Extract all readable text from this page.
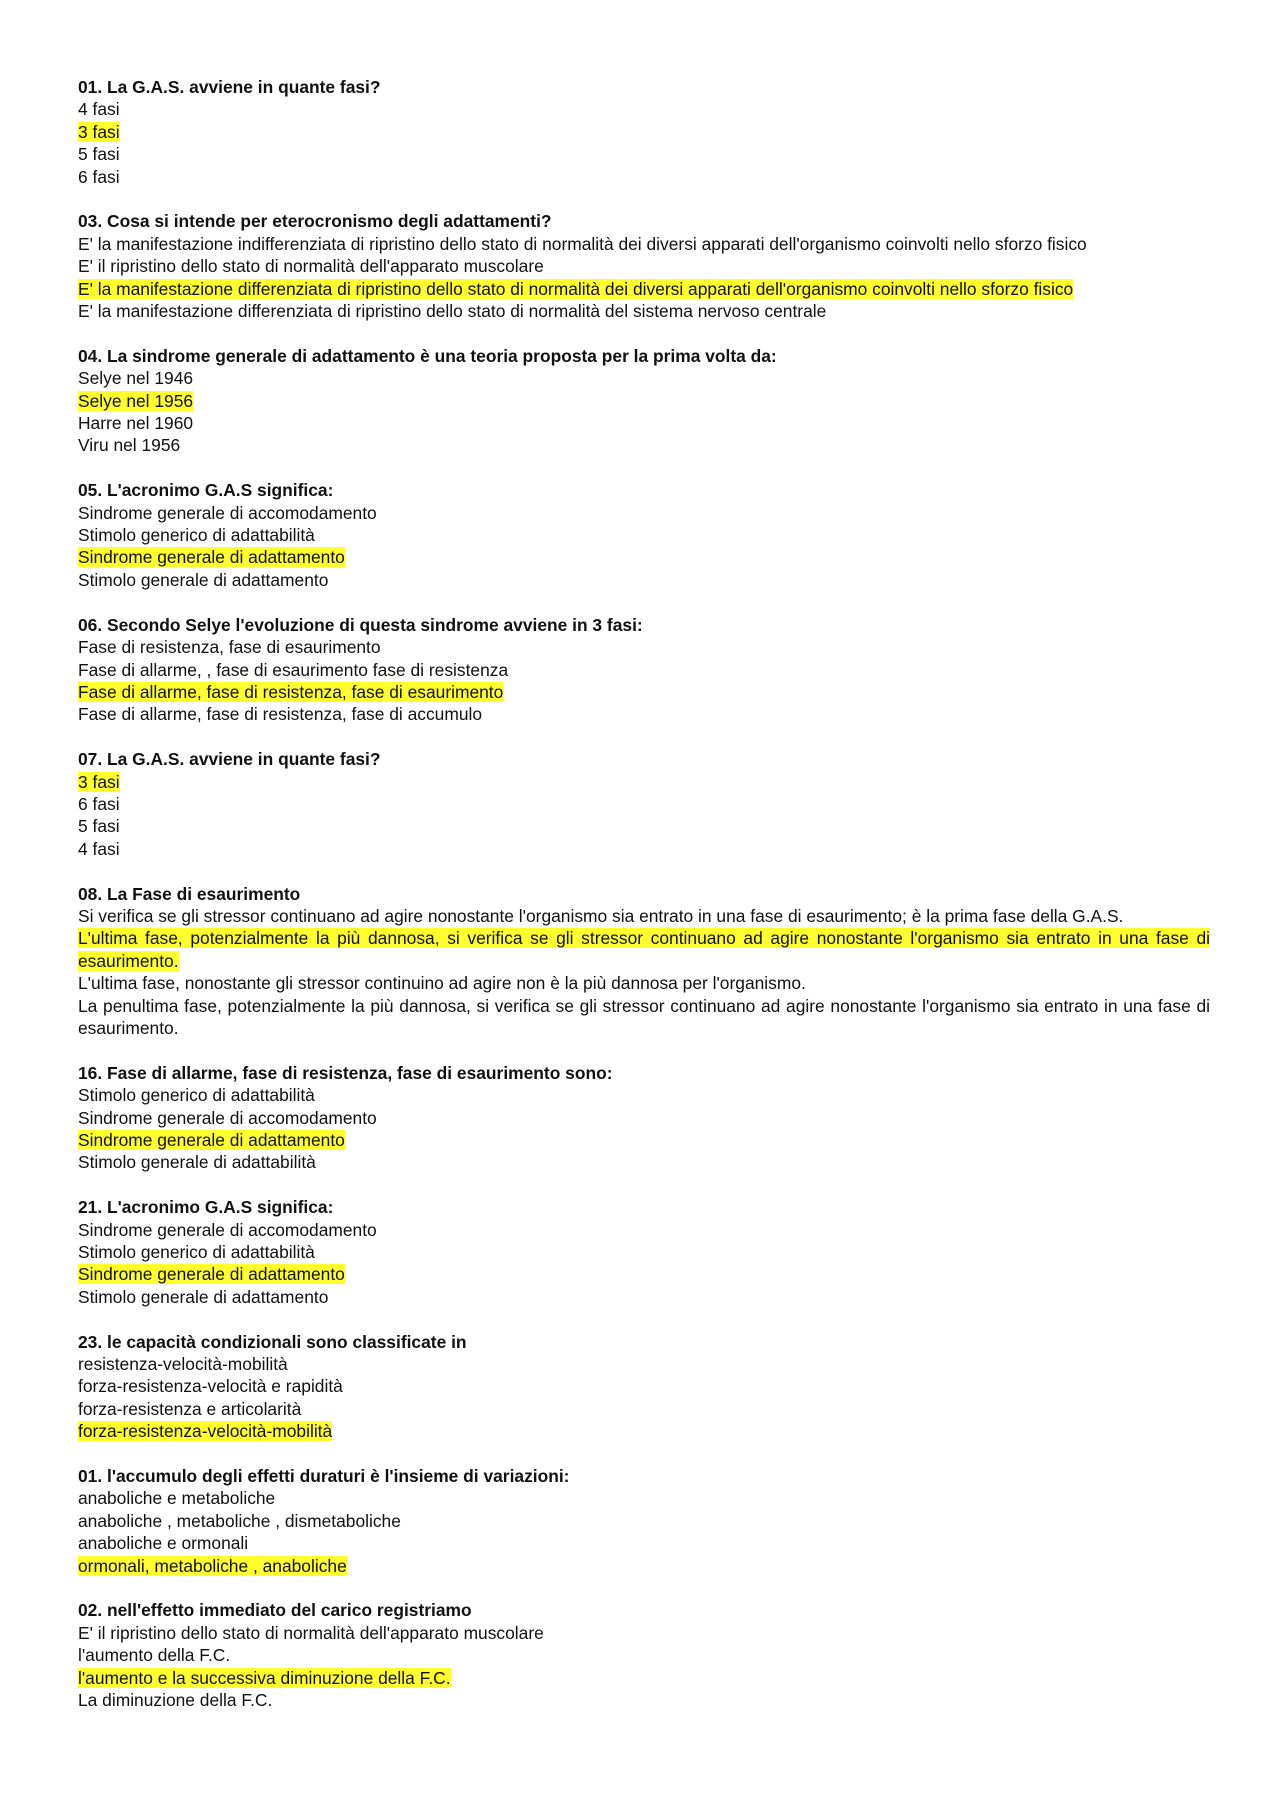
01. La G.A.S. avviene in quante fasi?
4 fasi
3 fasi
5 fasi
6 fasi
03. Cosa si intende per eterocronismo degli adattamenti?
E' la manifestazione indifferenziata di ripristino dello stato di normalità dei diversi apparati dell'organismo coinvolti nello sforzo fisico
E' il ripristino dello stato di normalità dell'apparato muscolare
E' la manifestazione differenziata di ripristino dello stato di normalità dei diversi apparati dell'organismo coinvolti nello sforzo fisico
E' la manifestazione differenziata di ripristino dello stato di normalità del sistema nervoso centrale
04. La sindrome generale di adattamento è una teoria proposta per la prima volta da:
Selye nel 1946
Selye nel 1956
Harre nel 1960
Viru nel 1956
05. L'acronimo G.A.S significa:
Sindrome generale di accomodamento
Stimolo generico di adattabilità
Sindrome generale di adattamento
Stimolo generale di adattamento
06. Secondo Selye l'evoluzione di questa sindrome avviene in 3 fasi:
Fase di resistenza, fase di esaurimento
Fase di allarme, , fase di esaurimento fase di resistenza
Fase di allarme, fase di resistenza, fase di esaurimento
Fase di allarme, fase di resistenza, fase di accumulo
07. La G.A.S. avviene in quante fasi?
3 fasi
6 fasi
5 fasi
4 fasi
08. La Fase di esaurimento
Si verifica se gli stressor continuano ad agire nonostante l'organismo sia entrato in una fase di esaurimento; è la prima fase della G.A.S.
L'ultima fase, potenzialmente la più dannosa, si verifica se gli stressor continuano ad agire nonostante l'organismo sia entrato in una fase di esaurimento.
L'ultima fase, nonostante gli stressor continuino ad agire non è la più dannosa per l'organismo.
La penultima fase, potenzialmente la più dannosa, si verifica se gli stressor continuano ad agire nonostante l'organismo sia entrato in una fase di esaurimento.
16. Fase di allarme, fase di resistenza, fase di esaurimento sono:
Stimolo generico di adattabilità
Sindrome generale di accomodamento
Sindrome generale di adattamento
Stimolo generale di adattabilità
21. L'acronimo G.A.S significa:
Sindrome generale di accomodamento
Stimolo generico di adattabilità
Sindrome generale di adattamento
Stimolo generale di adattamento
23. le capacità condizionali sono classificate in
resistenza-velocità-mobilità
forza-resistenza-velocità e rapidità
forza-resistenza e articolarità
forza-resistenza-velocità-mobilità
01. l'accumulo degli effetti duraturi è l'insieme di variazioni:
anaboliche e metaboliche
anaboliche , metaboliche , dismetaboliche
anaboliche e ormonali
ormonali, metaboliche , anaboliche
02. nell'effetto immediato del carico registriamo
E' il ripristino dello stato di normalità dell'apparato muscolare
l'aumento della F.C.
l'aumento e la successiva diminuzione della F.C.
La diminuzione della F.C.
